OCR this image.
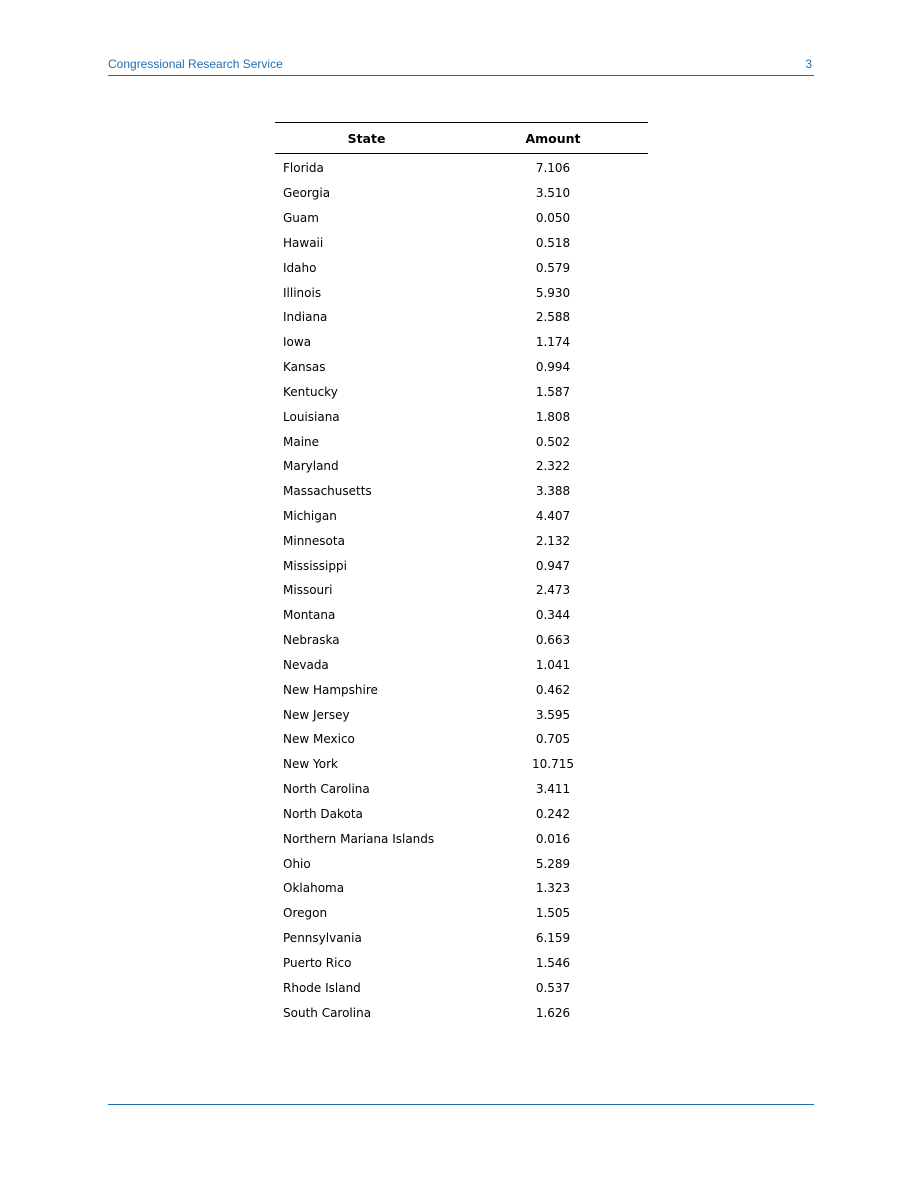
Congressional Research Service	3
State	Amount
Florida	7.106
Georgia	3.510
Guam	0.050
Hawaii	0.518
Idaho	0.579
Illinois	5.930
Indiana	2.588
Iowa	1.174
Kansas	0.994
Kentucky	1.587
Louisiana	1.808
Maine	0.502
Maryland	2.322
Massachusetts	3.388
Michigan	4.407
Minnesota	2.132
Mississippi	0.947
Missouri	2.473
Montana	0.344
Nebraska	0.663
Nevada	1.041
New Hampshire	0.462
New Jersey	3.595
New Mexico	0.705
New York	10.715
North Carolina	3.411
North Dakota	0.242
Northern Mariana Islands	0.016
Ohio	5.289
Oklahoma	1.323
Oregon	1.505
Pennsylvania	6.159
Puerto Rico	1.546
Rhode Island	0.537
South Carolina	1.626
